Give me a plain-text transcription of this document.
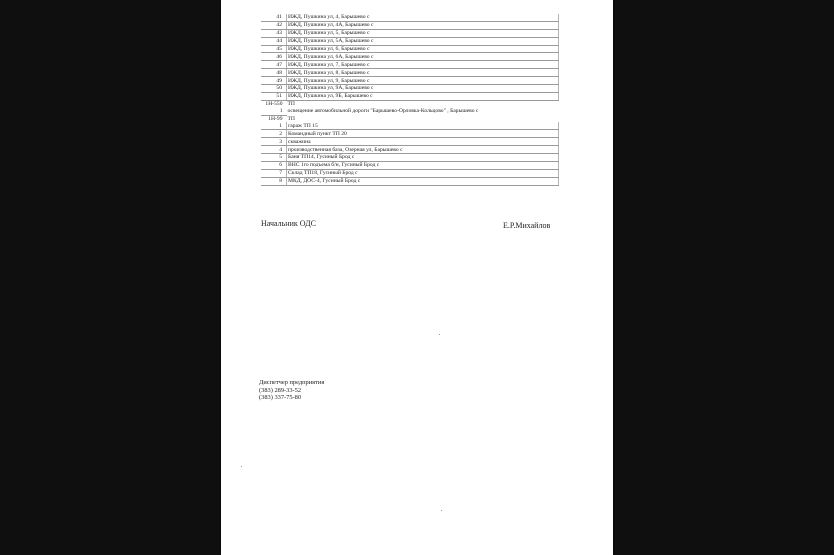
41	ИЖД, Пушкина ул, 4, Барышево с
42	ИЖД, Пушкина ул, 4А, Барышево с
43	ИЖД, Пушкина ул, 5, Барышево с
44	ИЖД, Пушкина ул, 5А, Барышево с
45	ИЖД, Пушкина ул, 6, Барышево с
46	ИЖД, Пушкина ул, 6А, Барышево с
47	ИЖД, Пушкина ул, 7, Барышево с
48	ИЖД, Пушкина ул, 8, Барышево с
49	ИЖД, Пушкина ул, 9, Барышево с
50	ИЖД, Пушкина ул, 9А, Барышево с
51	ИЖД, Пушкина ул, 9Б, Барышево с
1Н-550	ТП
1	освещение автомобильной дороги "Барышево-Орловка-Кольцово" , Барышево с
1Н-99	ТП
1	гараж ТП 15
2	Командный пункт ТП 20
3	скважина
4	производственная база, Озерная ул, Барышево с
5	Баня ТП14, Гусиный Брод с
6	ВНС 1го подъема б/н, Гусиный Брод с
7	Склад ТП18, Гусиный Брод с
8	МКД, ДОС-4, Гусиный Брод с
Начальник ОДС	Е.Р.Михайлов
Диспетчер предприятия
(383) 289-33-52
(383) 337-75-80
